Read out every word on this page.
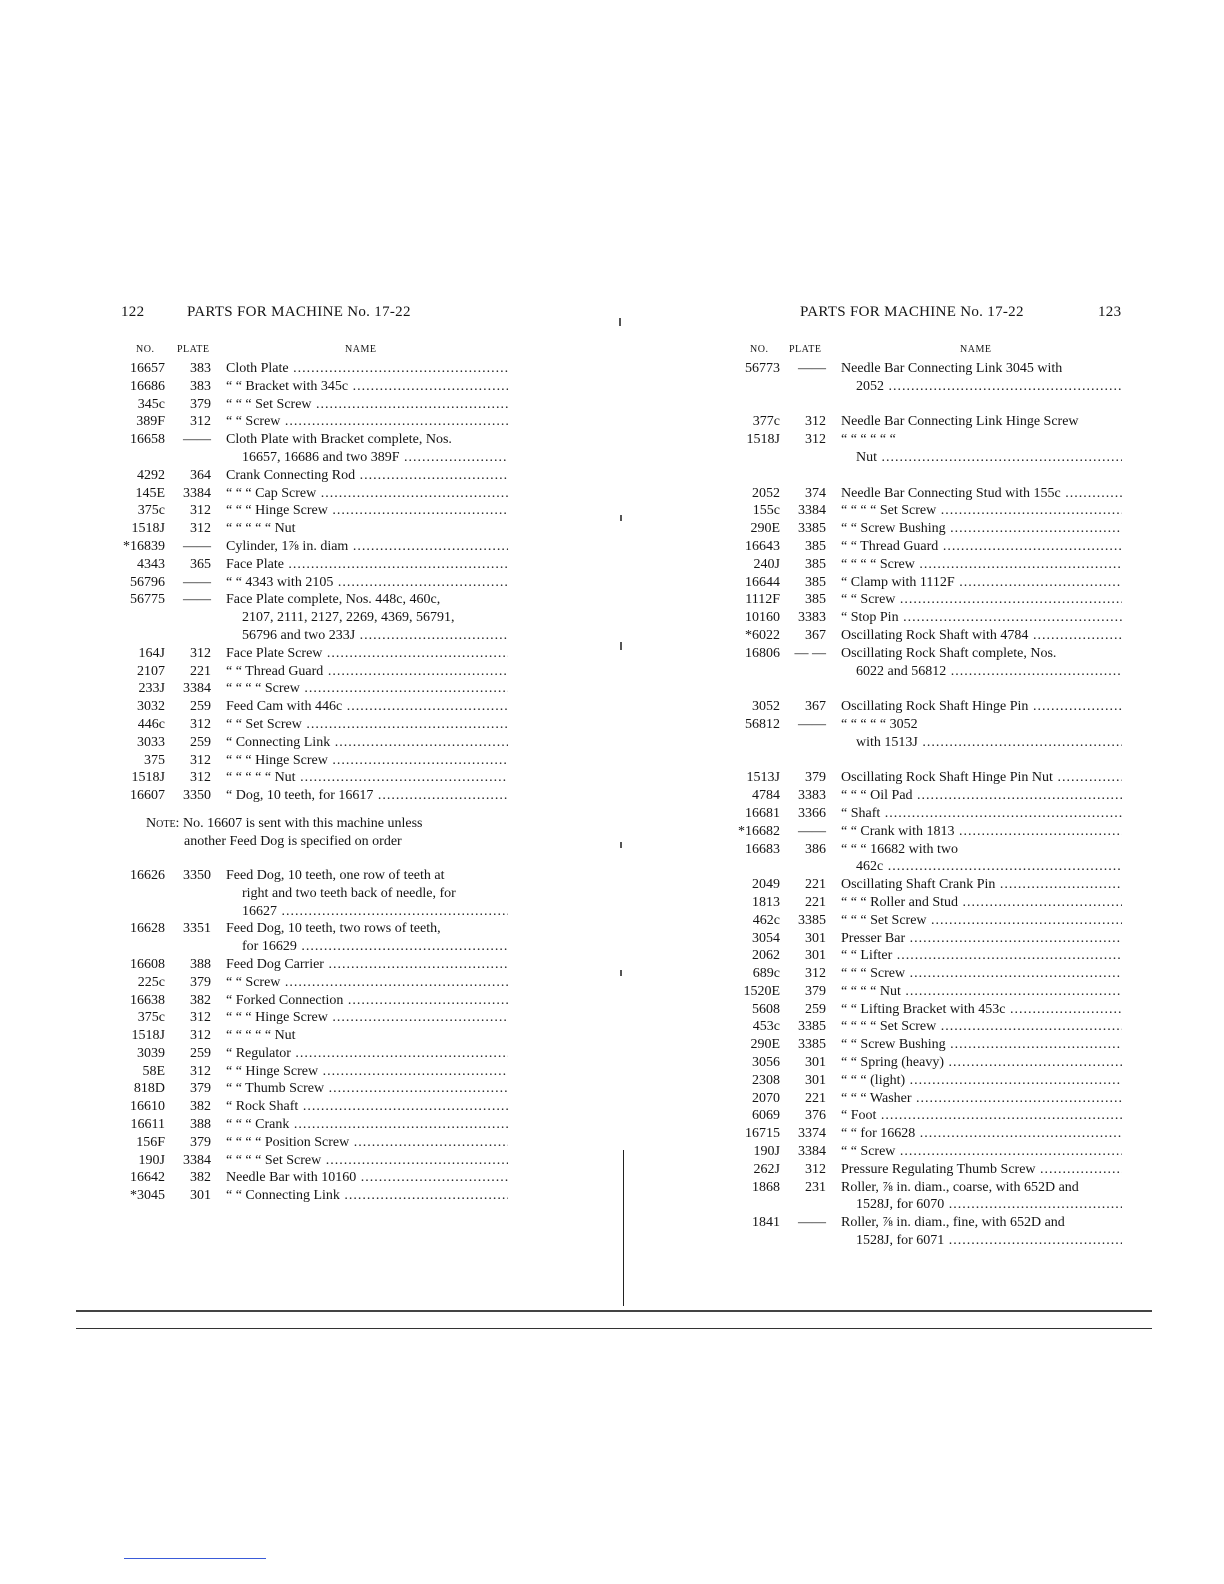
122	PARTS FOR MACHINE No. 17-22
NO. PLATE	NAME
16657	383 Cloth Plate .....
16686	383 “ “ Bracket with 345c .....
345c	379 “ “ “ Set Screw .....
389F	312 “ “ Screw .....
16658	—— Cloth Plate with Bracket complete, Nos.
16657, 16686 and two 389F .....
4292	364 Crank Connecting Rod .....
145E	3384 “ “ “ Cap Screw .....
375c	312 “ “ “ Hinge Screw .....
1518J	312 “ “ “ “ “ Nut
*16839	—— Cylinder, 1⅞ in. diam .....
4343	365 Face Plate .....
56796	—— “ “ 4343 with 2105 .....
56775	—— Face Plate complete, Nos. 448c, 460c,
2107, 2111, 2127, 2269, 4369, 56791,
56796 and two 233J .....
164J	312 Face Plate Screw .....
2107	221 “ “ Thread Guard .....
233J	3384 “ “ “ “ Screw .....
3032	259 Feed Cam with 446c .....
446c	312 “ “ Set Screw .....
3033	259 “ Connecting Link .....
375	312 “ “ “ Hinge Screw .....
1518J	312 “ “ “ “ “ Nut .....
16607	3350 “ Dog, 10 teeth, for 16617 .....
Note: No. 16607 is sent with this machine unless
another Feed Dog is specified on order
16626	3350 Feed Dog, 10 teeth, one row of teeth at
right and two teeth back of needle, for
16627 .....
16628	3351 Feed Dog, 10 teeth, two rows of teeth,
for 16629 .....
16608	388 Feed Dog Carrier .....
225c	379 “ “ Screw .....
16638	382 “ Forked Connection .....
375c	312 “ “ “ Hinge Screw .....
1518J	312 “ “ “ “ “ Nut
3039	259 “ Regulator .....
58E	312 “ “ Hinge Screw .....
818D	379 “ “ Thumb Screw .....
16610	382 “ Rock Shaft .....
16611	388 “ “ “ Crank .....
156F	379 “ “ “ “ Position Screw .....
190J	3384 “ “ “ “ Set Screw .....
16642	382 Needle Bar with 10160 .....
*3045	301 “ “ Connecting Link .....
PARTS FOR MACHINE No. 17-22	123
NO. PLATE	NAME
56773	—— Needle Bar Connecting Link 3045 with
2052 .....
377c	312 Needle Bar Connecting Link Hinge Screw
1518J	312 “ “ “ “ “ “
Nut .....
2052	374 Needle Bar Connecting Stud with 155c .....
155c	3384 “ “ “ “ Set Screw .....
290E	3385 “ “ Screw Bushing .....
16643	385 “ “ Thread Guard .....
240J	385 “ “ “ “ Screw .....
16644	385 “ Clamp with 1112F .....
1112F	385 “ “ Screw .....
10160	3383 “ Stop Pin .....
*6022	367 Oscillating Rock Shaft with 4784 .....
16806	— — Oscillating Rock Shaft complete, Nos.
6022 and 56812 .....
3052	367 Oscillating Rock Shaft Hinge Pin .....
56812	—— “ “ “ “ “ 3052
with 1513J .....
1513J	379 Oscillating Rock Shaft Hinge Pin Nut .....
4784	3383 “ “ “ Oil Pad .....
16681	3366 “ Shaft .....
*16682	—— “ “ Crank with 1813 .....
16683	386 “ “ “ 16682 with two
462c .....
2049	221 Oscillating Shaft Crank Pin .....
1813	221 “ “ “ Roller and Stud .....
462c	3385 “ “ “ Set Screw .....
3054	301 Presser Bar .....
2062	301 “ “ Lifter .....
689c	312 “ “ “ Screw .....
1520E	379 “ “ “ “ Nut .....
5608	259 “ “ Lifting Bracket with 453c .....
453c	3385 “ “ “ “ Set Screw .....
290E	3385 “ “ Screw Bushing .....
3056	301 “ “ Spring (heavy) .....
2308	301 “ “ “ (light) .....
2070	221 “ “ “ Washer .....
6069	376 “ Foot .....
16715	3374 “ “ for 16628 .....
190J	3384 “ “ Screw .....
262J	312 Pressure Regulating Thumb Screw .....
1868	231 Roller, ⅞ in. diam., coarse, with 652D and
1528J, for 6070 .....
1841	—— Roller, ⅞ in. diam., fine, with 652D and
1528J, for 6071 .....
